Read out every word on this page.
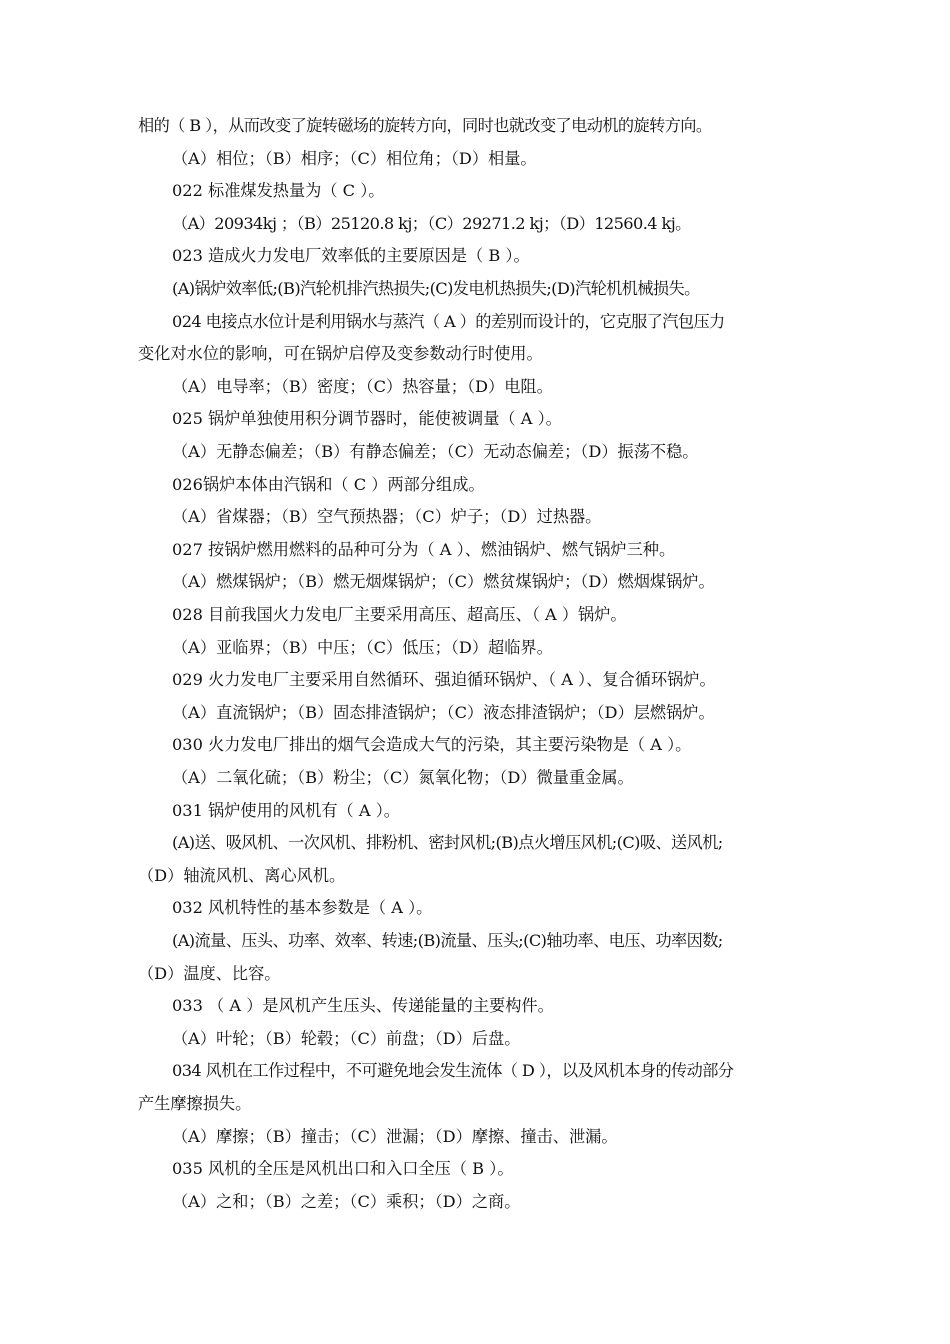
相的（ B ），从而改变了旋转磁场的旋转方向，同时也就改变了电动机的旋转方向。
（A）相位；（B）相序；（C）相位角；（D）相量。
022 标准煤发热量为（ C ）。
（A）20934kj ；（B）25120.8 kj；（C）29271.2 kj；（D）12560.4 kj。
023 造成火力发电厂效率低的主要原因是（ B ）。
(A)锅炉效率低;(B)汽轮机排汽热损失;(C)发电机热损失;(D)汽轮机机械损失。
024 电接点水位计是利用锅水与蒸汽（ A ）的差别而设计的，它克服了汽包压力
变化对水位的影响，可在锅炉启停及变参数动行时使用。
（A）电导率；（B）密度；（C）热容量；（D）电阻。
025 锅炉单独使用积分调节器时，能使被调量（ A ）。
（A）无静态偏差；（B）有静态偏差；（C）无动态偏差；（D）振荡不稳。
026锅炉本体由汽锅和（ C ）两部分组成。
（A）省煤器；（B）空气预热器；（C）炉子；（D）过热器。
027 按锅炉燃用燃料的品种可分为（ A ）、燃油锅炉、燃气锅炉三种。
（A）燃煤锅炉；（B）燃无烟煤锅炉；（C）燃贫煤锅炉；（D）燃烟煤锅炉。
028 目前我国火力发电厂主要采用高压、超高压、（ A ）锅炉。
（A）亚临界；（B）中压；（C）低压；（D）超临界。
029 火力发电厂主要采用自然循环、强迫循环锅炉、（ A ）、复合循环锅炉。
（A）直流锅炉；（B）固态排渣锅炉；（C）液态排渣锅炉；（D）层燃锅炉。
030 火力发电厂排出的烟气会造成大气的污染，其主要污染物是（ A ）。
（A）二氧化硫；（B）粉尘；（C）氮氧化物；（D）微量重金属。
031 锅炉使用的风机有（ A ）。
(A)送、吸风机、一次风机、排粉机、密封风机;(B)点火增压风机;(C)吸、送风机;
（D）轴流风机、离心风机。
032 风机特性的基本参数是（ A ）。
(A)流量、压头、功率、效率、转速;(B)流量、压头;(C)轴功率、电压、功率因数;
（D）温度、比容。
033 （ A ）是风机产生压头、传递能量的主要构件。
（A）叶轮；（B）轮毂；（C）前盘；（D）后盘。
034 风机在工作过程中，不可避免地会发生流体（ D ），以及风机本身的传动部分
产生摩擦损失。
（A）摩擦；（B）撞击；（C）泄漏；（D）摩擦、撞击、泄漏。
035 风机的全压是风机出口和入口全压（ B ）。
（A）之和；（B）之差；（C）乘积；（D）之商。
